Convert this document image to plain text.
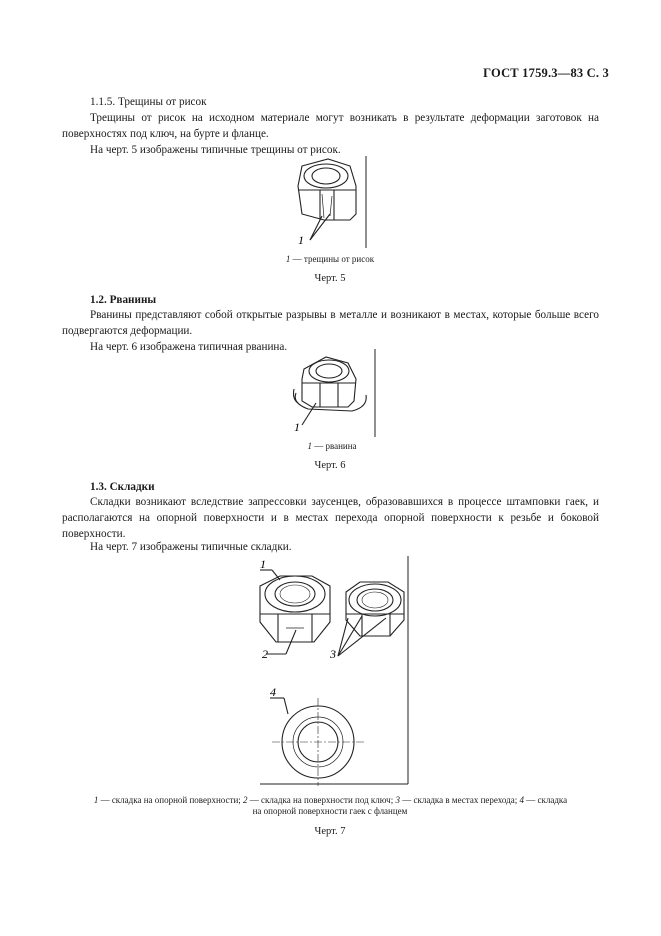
ГОСТ 1759.3—83 С. 3
1.1.5. Трещины от рисок
Трещины от рисок на исходном материале могут возникать в результате деформации заготовок на поверхностях под ключ, на бурте и фланце.
На черт. 5 изображены типичные трещины от рисок.
1
1 — трещины от рисок
Черт. 5
1.2. Рванины
Рванины представляют собой открытые разрывы в металле и возникают в местах, которые больше всего подвергаются деформации.
На черт. 6 изображена типичная рванина.
1
1 — рванина
Черт. 6
1.3. Складки
Складки возникают вследствие запрессовки заусенцев, образовавшихся в процессе штамповки гаек, и располагаются на опорной поверхности и в местах перехода опорной поверхности к резьбе и боковой поверхности.
На черт. 7 изображены типичные складки.
1
2	3
4
1 — складка на опорной поверхности; 2 — складка на поверхности под ключ; 3 — складка в местах перехода; 4 — складка
на опорной поверхности гаек с фланцем
Черт. 7
